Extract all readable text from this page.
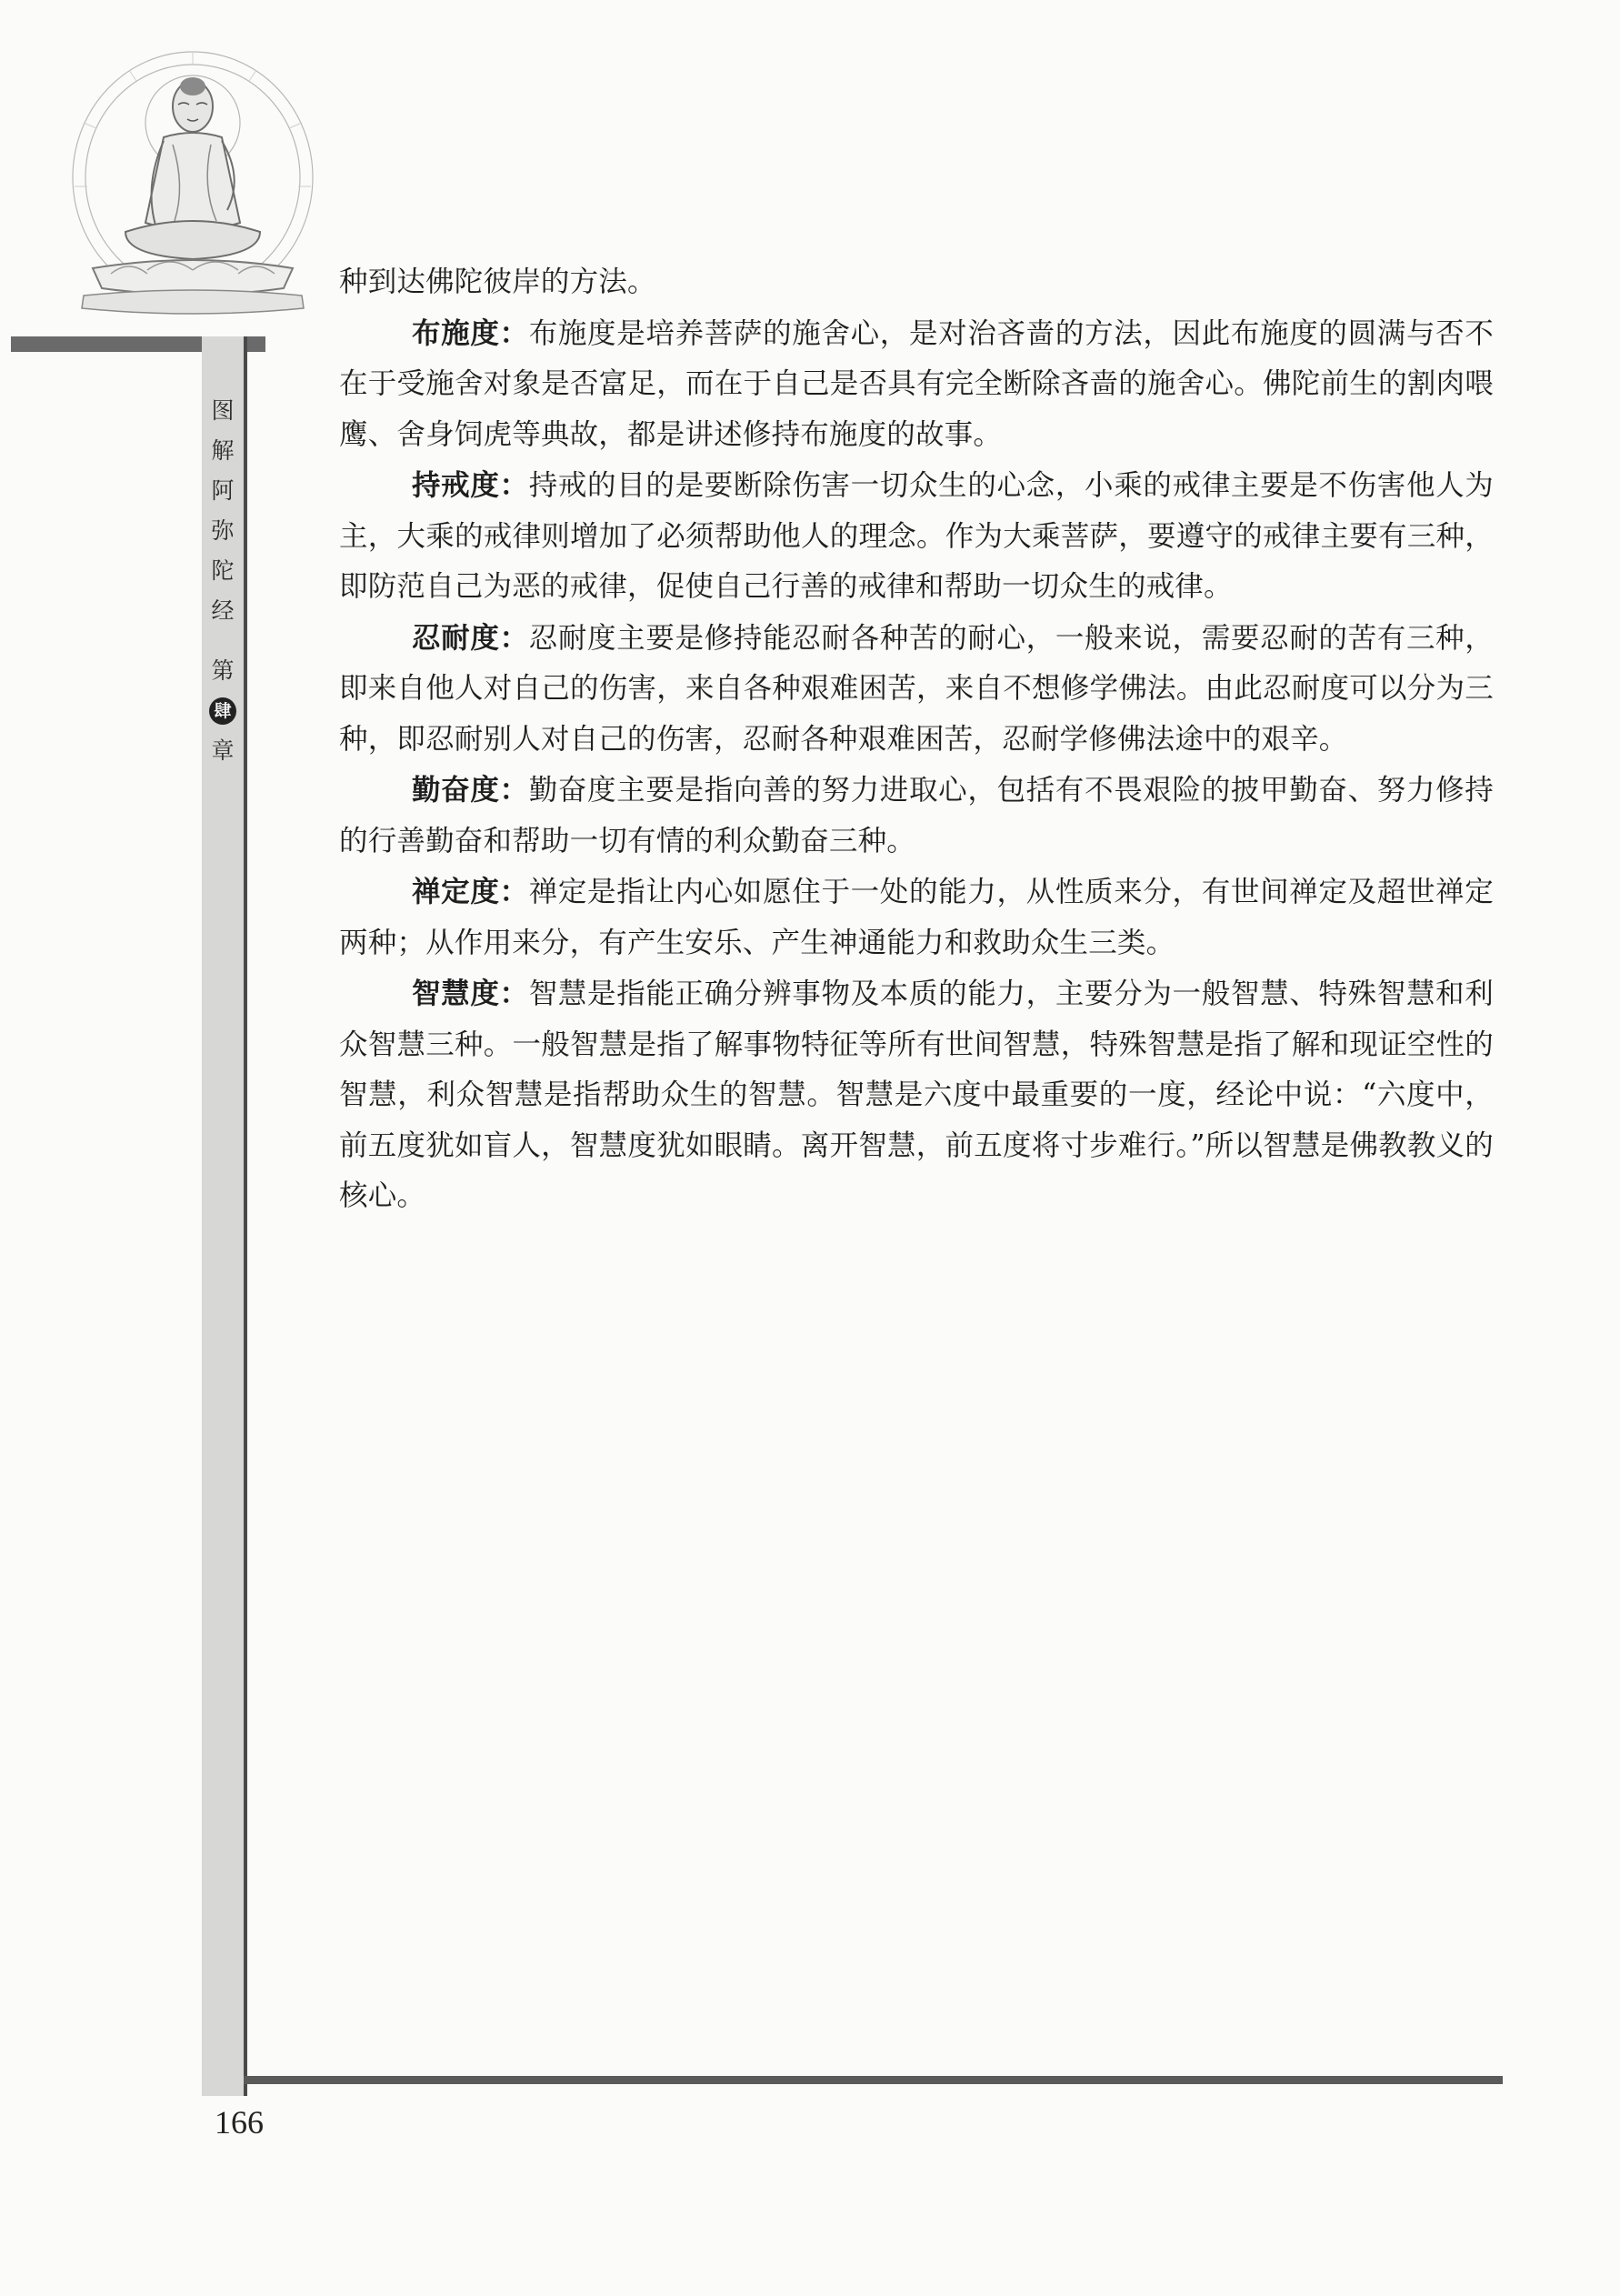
图
解
阿
弥
陀
经
第
肆
章

种到达佛陀彼岸的方法。

布施度：布施度是培养菩萨的施舍心，是对治吝啬的方法，因此布施度的圆满与否不在于受施舍对象是否富足，而在于自己是否具有完全断除吝啬的施舍心。佛陀前生的割肉喂鹰、舍身饲虎等典故，都是讲述修持布施度的故事。

持戒度：持戒的目的是要断除伤害一切众生的心念，小乘的戒律主要是不伤害他人为主，大乘的戒律则增加了必须帮助他人的理念。作为大乘菩萨，要遵守的戒律主要有三种，即防范自己为恶的戒律，促使自己行善的戒律和帮助一切众生的戒律。

忍耐度：忍耐度主要是修持能忍耐各种苦的耐心，一般来说，需要忍耐的苦有三种，即来自他人对自己的伤害，来自各种艰难困苦，来自不想修学佛法。由此忍耐度可以分为三种，即忍耐别人对自己的伤害，忍耐各种艰难困苦，忍耐学修佛法途中的艰辛。

勤奋度：勤奋度主要是指向善的努力进取心，包括有不畏艰险的披甲勤奋、努力修持的行善勤奋和帮助一切有情的利众勤奋三种。

禅定度：禅定是指让内心如愿住于一处的能力，从性质来分，有世间禅定及超世禅定两种；从作用来分，有产生安乐、产生神通能力和救助众生三类。

智慧度：智慧是指能正确分辨事物及本质的能力，主要分为一般智慧、特殊智慧和利众智慧三种。一般智慧是指了解事物特征等所有世间智慧，特殊智慧是指了解和现证空性的智慧，利众智慧是指帮助众生的智慧。智慧是六度中最重要的一度，经论中说：“六度中，前五度犹如盲人，智慧度犹如眼睛。离开智慧，前五度将寸步难行。”所以智慧是佛教教义的核心。

166
